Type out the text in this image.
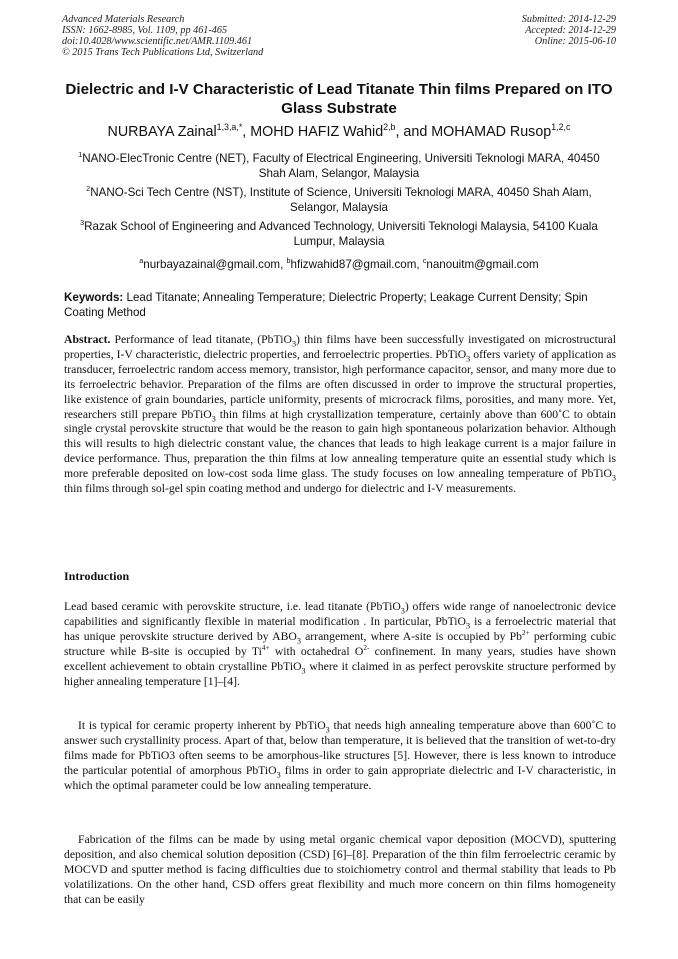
Advanced Materials Research
ISSN: 1662-8985, Vol. 1109, pp 461-465
doi:10.4028/www.scientific.net/AMR.1109.461
© 2015 Trans Tech Publications Ltd, Switzerland
Submitted: 2014-12-29
Accepted: 2014-12-29
Online: 2015-06-10
Dielectric and I-V Characteristic of Lead Titanate Thin films Prepared on ITO Glass Substrate
NURBAYA Zainal$^{1,3,a,*}$, MOHD HAFIZ Wahid$^{2,b}$, and MOHAMAD Rusop$^{1,2,c}$
$^1$NANO-ElecTronic Centre (NET), Faculty of Electrical Engineering, Universiti Teknologi MARA, 40450 Shah Alam, Selangor, Malaysia
$^2$NANO-Sci Tech Centre (NST), Institute of Science, Universiti Teknologi MARA, 40450 Shah Alam, Selangor, Malaysia
$^3$Razak School of Engineering and Advanced Technology, Universiti Teknologi Malaysia, 54100 Kuala Lumpur, Malaysia
$^a$nurbayazainal@gmail.com, $^b$hfizwahid87@gmail.com, $^c$nanouitm@gmail.com
Keywords: Lead Titanate; Annealing Temperature; Dielectric Property; Leakage Current Density; Spin Coating Method
Abstract. Performance of lead titanate, (PbTiO$_3$) thin films have been successfully investigated on microstructural properties, I-V characteristic, dielectric properties, and ferroelectric properties. PbTiO$_3$ offers variety of application as transducer, ferroelectric random access memory, transistor, high performance capacitor, sensor, and many more due to its ferroelectric behavior. Preparation of the films are often discussed in order to improve the structural properties, like existence of grain boundaries, particle uniformity, presents of microcrack films, porosities, and many more. Yet, researchers still prepare PbTiO$_3$ thin films at high crystallization temperature, certainly above than 600˚C to obtain single crystal perovskite structure that would be the reason to gain high spontaneous polarization behavior. Although this will results to high dielectric constant value, the chances that leads to high leakage current is a major failure in device performance. Thus, preparation the thin films at low annealing temperature quite an essential study which is more preferable deposited on low-cost soda lime glass. The study focuses on low annealing temperature of PbTiO$_3$ thin films through sol-gel spin coating method and undergo for dielectric and I-V measurements.
Introduction
Lead based ceramic with perovskite structure, i.e. lead titanate (PbTiO$_3$) offers wide range of nanoelectronic device capabilities and significantly flexible in material modification . In particular, PbTiO$_3$ is a ferroelectric material that has unique perovskite structure derived by $ABO_3$ arrangement, where A-site is occupied by $Pb^{2+}$ performing cubic structure while B-site is occupied by $Ti^{4+}$ with octahedral $O^{2-}$ confinement. In many years, studies have shown excellent achievement to obtain crystalline PbTiO$_3$ where it claimed in as perfect perovskite structure performed by higher annealing temperature [1]–[4].
It is typical for ceramic property inherent by PbTiO$_3$ that needs high annealing temperature above than 600˚C to answer such crystallinity process. Apart of that, below than temperature, it is believed that the transition of wet-to-dry films made for PbTiO3 often seems to be amorphous-like structures [5]. However, there is less known to introduce the particular potential of amorphous PbTiO$_3$ films in order to gain appropriate dielectric and I-V characteristic, in which the optimal parameter could be low annealing temperature.
Fabrication of the films can be made by using metal organic chemical vapor deposition (MOCVD), sputtering deposition, and also chemical solution deposition (CSD) [6]–[8]. Preparation of the thin film ferroelectric ceramic by MOCVD and sputter method is facing difficulties due to stoichiometry control and thermal stability that leads to Pb volatilizations. On the other hand, CSD offers great flexibility and much more concern on thin films homogeneity that can be easily
